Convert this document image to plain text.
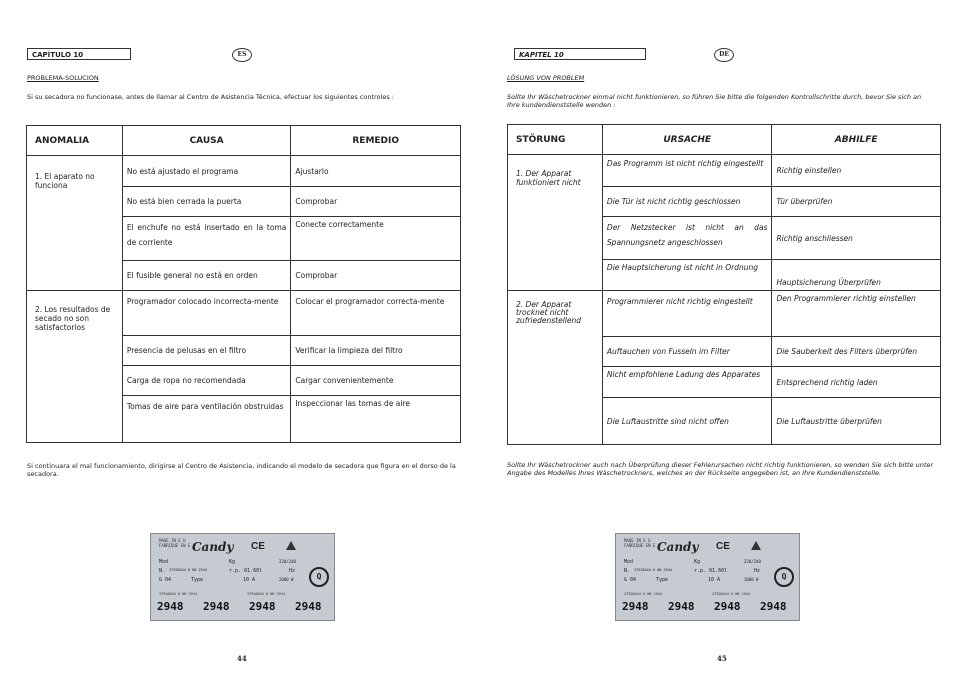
CAPÍTULO 10	ES
PROBLEMA-SOLUCION
Si su secadora no funcionase, antes de llamar al Centro de Asistencia Técnica, efectuar los siguientes controles :
ANOMALIA	CAUSA	REMEDIO
1. El aparato no funciona	No está ajustado el programa	Ajustarlo
	No está bien cerrada la puerta	Comprobar
	El enchufe no está insertado en la toma de corriente	Conecte correctamente
	El fusible general no está en orden	Comprobar
2. Los resultados de secado no son satisfactorios	Programador colocado incorrecta-mente	Colocar el programador correcta-mente
	Presencia de pelusas en el filtro	Verificar la limpieza del filtro
	Carga de ropa no recomendada	Cargar convenientemente
	Tomas de aire para ventilación obstruidas	Inspeccionar las tomas de aire
Si continuara el mal funcionamiento, dirigirse al Centro de Asistencia, indicando el modelo de secadora que figura en el dorso de la secadora.
MADE IN E U
FABRIQUE EN E C
Candy CE
Mod
N. 37920044 6 0N 2944
G 04	Type
Kg
r.p. 01.60l
10 A
220/240
Hz
2000 W	Q
37920044 6 0N 2944	37920044 6 0N 2944
2948 2948 2948 2948
44
KAPITEL 10	DE
LÖSUNG VON PROBLEM
Sollte Ihr Wäschetrockner einmal nicht funktionieren, so führen Sie bitte die folgenden Kontrollschritte durch, bevor Sie sich an Ihre kundendienststelle wenden :
STÖRUNG	URSACHE	ABHILFE
1. Der Apparat funktioniert nicht	Das Programm ist nicht richtig eingestellt	Richtig einstellen
	Die Tür ist nicht richtig geschlossen	Tür überprüfen
	Der Netzstecker ist nicht an das Spannungsnetz angeschlossen	Richtig anschliessen
	Die Hauptsicherung ist nicht in Ordnung	Hauptsicherung Überprüfen
2. Der Apparat trocknet nicht zufriedenstellend	Programmierer nicht richtig eingestellt	Den Programmierer richtig einstellen
	Auftauchen von Fusseln im Filter	Die Sauberkeit des Filters überprüfen
	Nicht empfohlene Ladung des Apparates	Entsprechend richtig laden
	Die Luftaustritte sind nicht offen	Die Luftaustritte überprüfen
Sollte Ihr Wäschetrockner auch nach Überprüfung dieser Fehlerursachen nicht richtig funktionieren, so wenden Sie sich bitte unter Angabe des Modelles Ihres Wäschetrockners, welches an der Rückseite angegeben ist, an Ihre Kundendienststelle.
MADE IN E U
FABRIQUE EN E C
Candy CE
Mod
N. 37920044 6 0N 2944
G 04	Type
Kg
r.p. 01.60l
10 A
220/240
Hz
2000 W	Q
37920044 6 0N 2944	37920044 6 0N 2944
2948 2948 2948 2948
45
